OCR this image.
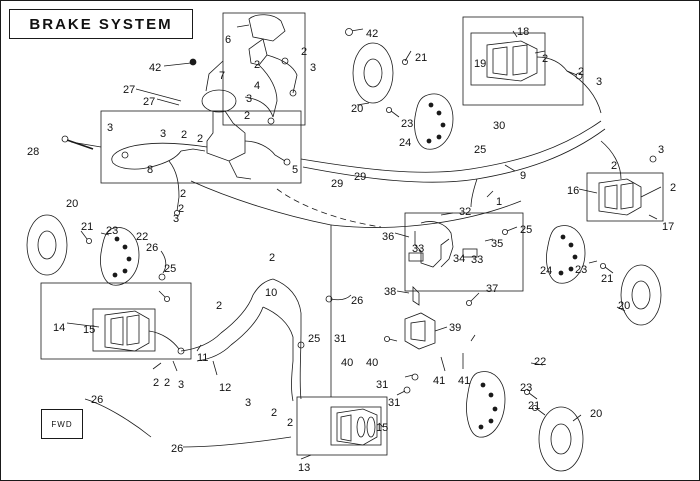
BRAKE SYSTEM
FWD
42
42
27
27
6
7
2	3
2
4
3
2
21
20
23
24
18
19	2
2
3
30
25
3	3 2 2
28
8	5
29
29
9
3
2
2
16
17
1
2
2
3
20
21 23 22
26
25
2
32
36
33
34 33
35
25
38	37
24 23
21
20
10
26
2
14 15
11
12
2 3
2
25 31
40 40
39
41 41
31
31
26
26
3
2
2
13
15
22
23
21
20
